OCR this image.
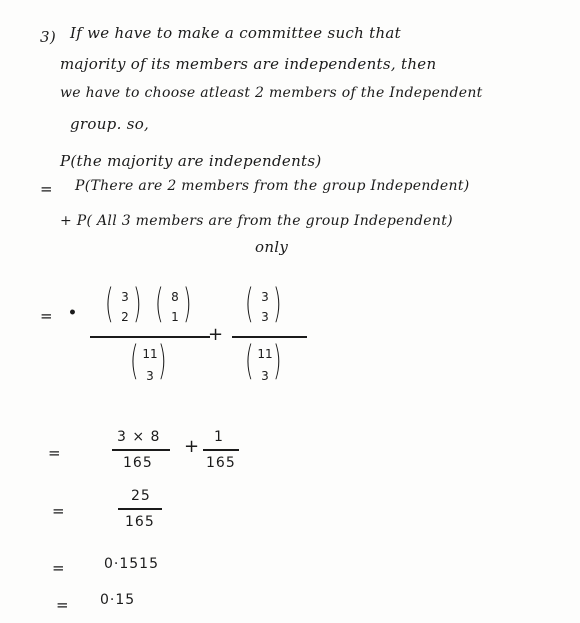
3) If we have to make a committee such that
majority of its members are independents, then
we have to choose atleast 2 members of the Independent
group. so,
P(the majority are independents)
= P(There are 2 members from the group Independent)
+ P( All 3 members are from the group Independent)
only
= • ( 3
2 ) ( 8
1 )
( 11
3 )
+
( 3
3 )
( 11
3 )
=
3 × 8
165
+ 1
165
=
25
165
=	0·1515
= 0·15
